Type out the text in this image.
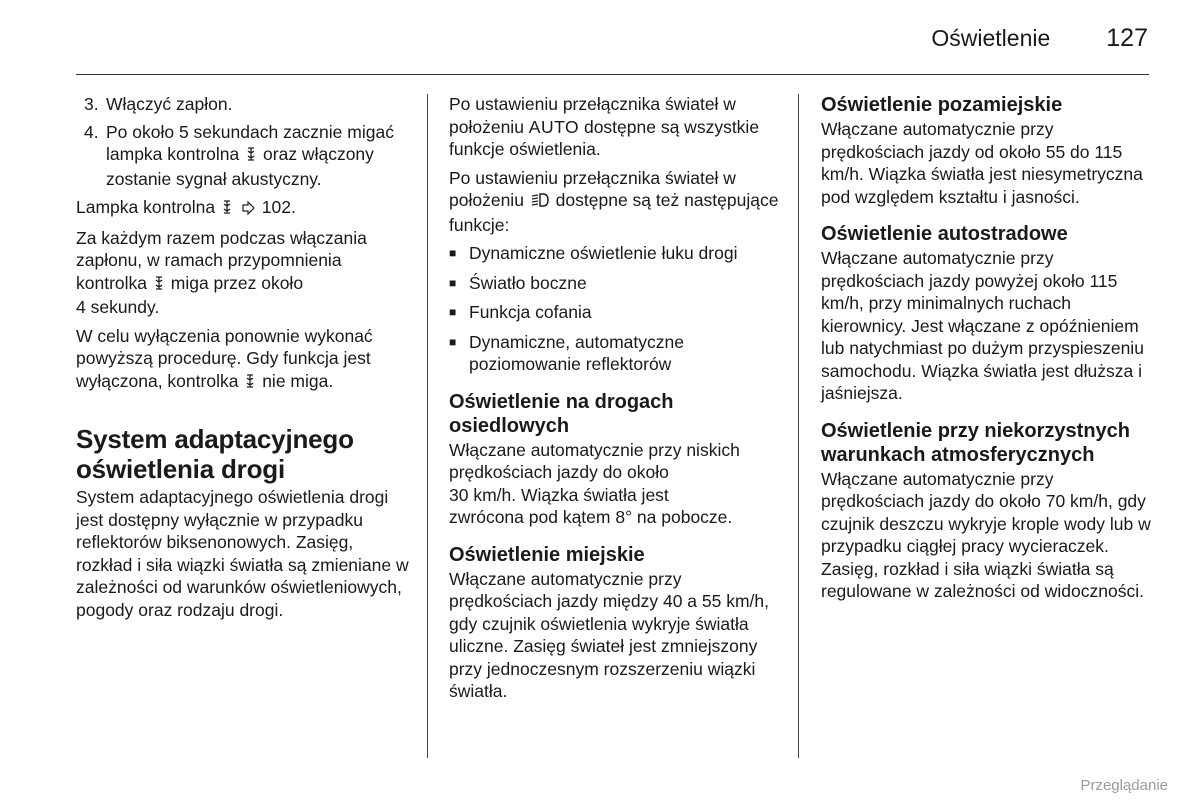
Oświetlenie 127
3. Włączyć zapłon.
4. Po około 5 sekundach zacznie migać lampka kontrolna oraz włączony zostanie sygnał akustyczny.

Lampka kontrolna	102.

Za każdym razem podczas włączania zapłonu, w ramach przypomnienia kontrolka miga przez około
4 sekundy.

W celu wyłączenia ponownie wykonać powyższą procedurę. Gdy funkcja jest wyłączona, kontrolka nie miga.

System adaptacyjnego oświetlenia drogi

System adaptacyjnego oświetlenia drogi jest dostępny wyłącznie w przypadku reflektorów biksenonowych. Zasięg, rozkład i siła wiązki światła są zmieniane w zależności od warunków oświetleniowych, pogody oraz rodzaju drogi.

Po ustawieniu przełącznika świateł w położeniu AUTO dostępne są wszystkie funkcje oświetlenia.

Po ustawieniu przełącznika świateł w położeniu dostępne są też następujące funkcje:

■ Dynamiczne oświetlenie łuku drogi
■ Światło boczne
■ Funkcja cofania
■ Dynamiczne, automatyczne poziomowanie reflektorów
Oświetlenie na drogach osiedlowych

Włączane automatycznie przy niskich
prędkościach jazdy do około
30 km/h. Wiązka światła jest
zwrócona pod kątem 8° na pobocze.

Oświetlenie miejskie

Włączane automatycznie przy prędkościach jazdy między 40 a 55 km/h, gdy czujnik oświetlenia wykryje światła uliczne. Zasięg świateł jest zmniejszony przy jednoczesnym rozszerzeniu wiązki światła.

Oświetlenie pozamiejskie

Włączane automatycznie przy prędkościach jazdy od około 55 do 115 km/h. Wiązka światła jest niesymetryczna pod względem kształtu i jasności.

Oświetlenie autostradowe

Włączane automatycznie przy prędkościach jazdy powyżej około 115 km/h, przy minimalnych ruchach kierownicy. Jest włączane z opóźnieniem lub natychmiast po dużym przyspieszeniu samochodu. Wiązka światła jest dłuższa i jaśniejsza.

Oświetlenie przy niekorzystnych warunkach atmosferycznych

Włączane automatycznie przy prędkościach jazdy do około 70 km/h, gdy czujnik deszczu wykryje krople wody lub w przypadku ciągłej pracy wycieraczek. Zasięg, rozkład i siła wiązki światła są regulowane w zależności od widoczności.

Przeglądanie
